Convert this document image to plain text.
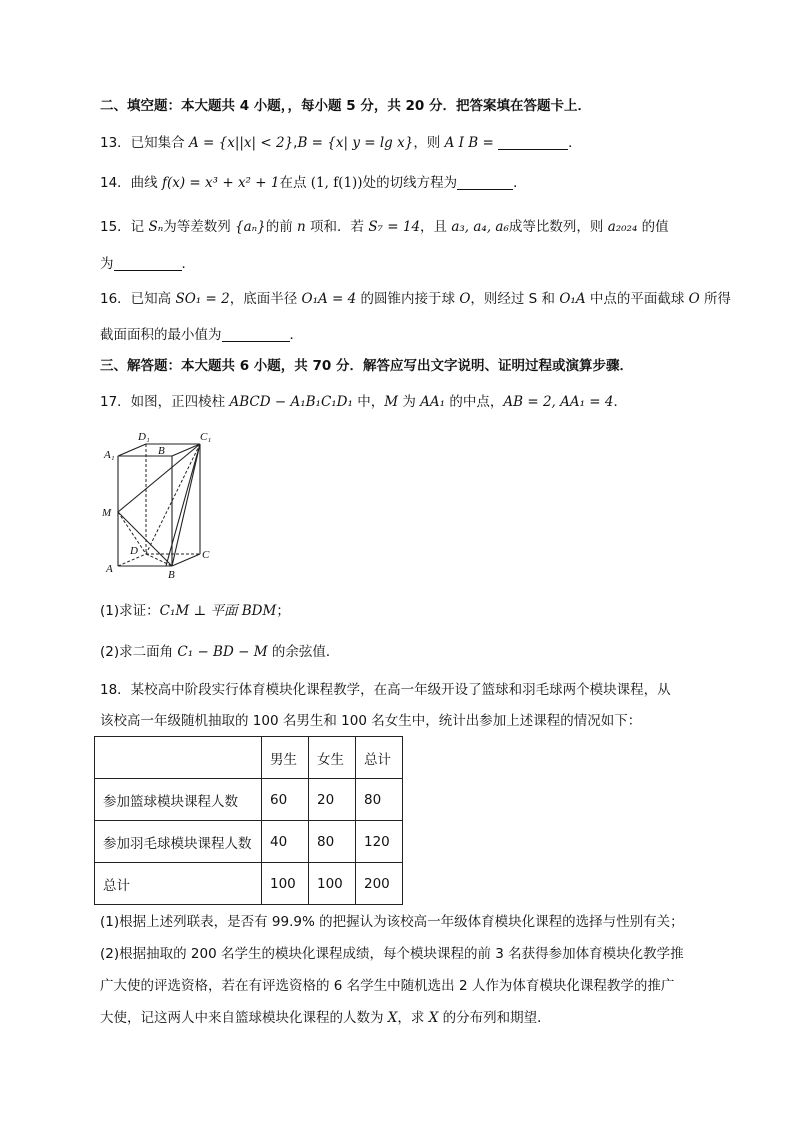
二、填空题：本大题共 4 小题，，每小题 5 分，共 20 分．把答案填在答题卡上．
13．已知集合 A = {x||x| < 2},B = {x| y = lg x}，则 A I B =	．
14．曲线 f(x) = x³ + x² + 1在点 (1, f(1))处的切线方程为	．
15．记 Sₙ为等差数列 {aₙ}的前 n 项和．若 S₇ = 14，且 a₃, a₄, a₆成等比数列，则 a₂₀₂₄ 的值
为	．
16．已知高 SO₁ = 2，底面半径 O₁A = 4 的圆锥内接于球 O，则经过 S 和 O₁A 中点的平面截球 O 所得
截面面积的最小值为	．
三、解答题：本大题共 6 小题，共 70 分．解答应写出文字说明、证明过程或演算步骤．
17．如图，正四棱柱 ABCD − A₁B₁C₁D₁ 中，M 为 AA₁ 的中点，AB = 2, AA₁ = 4．
D₁	C₁
A₁	B
M
D	C
A	B
(1)求证：C₁M ⊥ 平面 BDM；
(2)求二面角 C₁ − BD − M 的余弦值．
18．某校高中阶段实行体育模块化课程教学，在高一年级开设了篮球和羽毛球两个模块课程，从
该校高一年级随机抽取的 100 名男生和 100 名女生中，统计出参加上述课程的情况如下：
	男生	女生	总计
参加篮球模块课程人数	60	20	80
参加羽毛球模块课程人数	40	80	120
总计	100	100	200
(1)根据上述列联表，是否有 99.9% 的把握认为该校高一年级体育模块化课程的选择与性别有关；
(2)根据抽取的 200 名学生的模块化课程成绩，每个模块课程的前 3 名获得参加体育模块化教学推
广大使的评选资格，若在有评选资格的 6 名学生中随机选出 2 人作为体育模块化课程教学的推广
大使，记这两人中来自篮球模块化课程的人数为 X，求 X 的分布列和期望．
